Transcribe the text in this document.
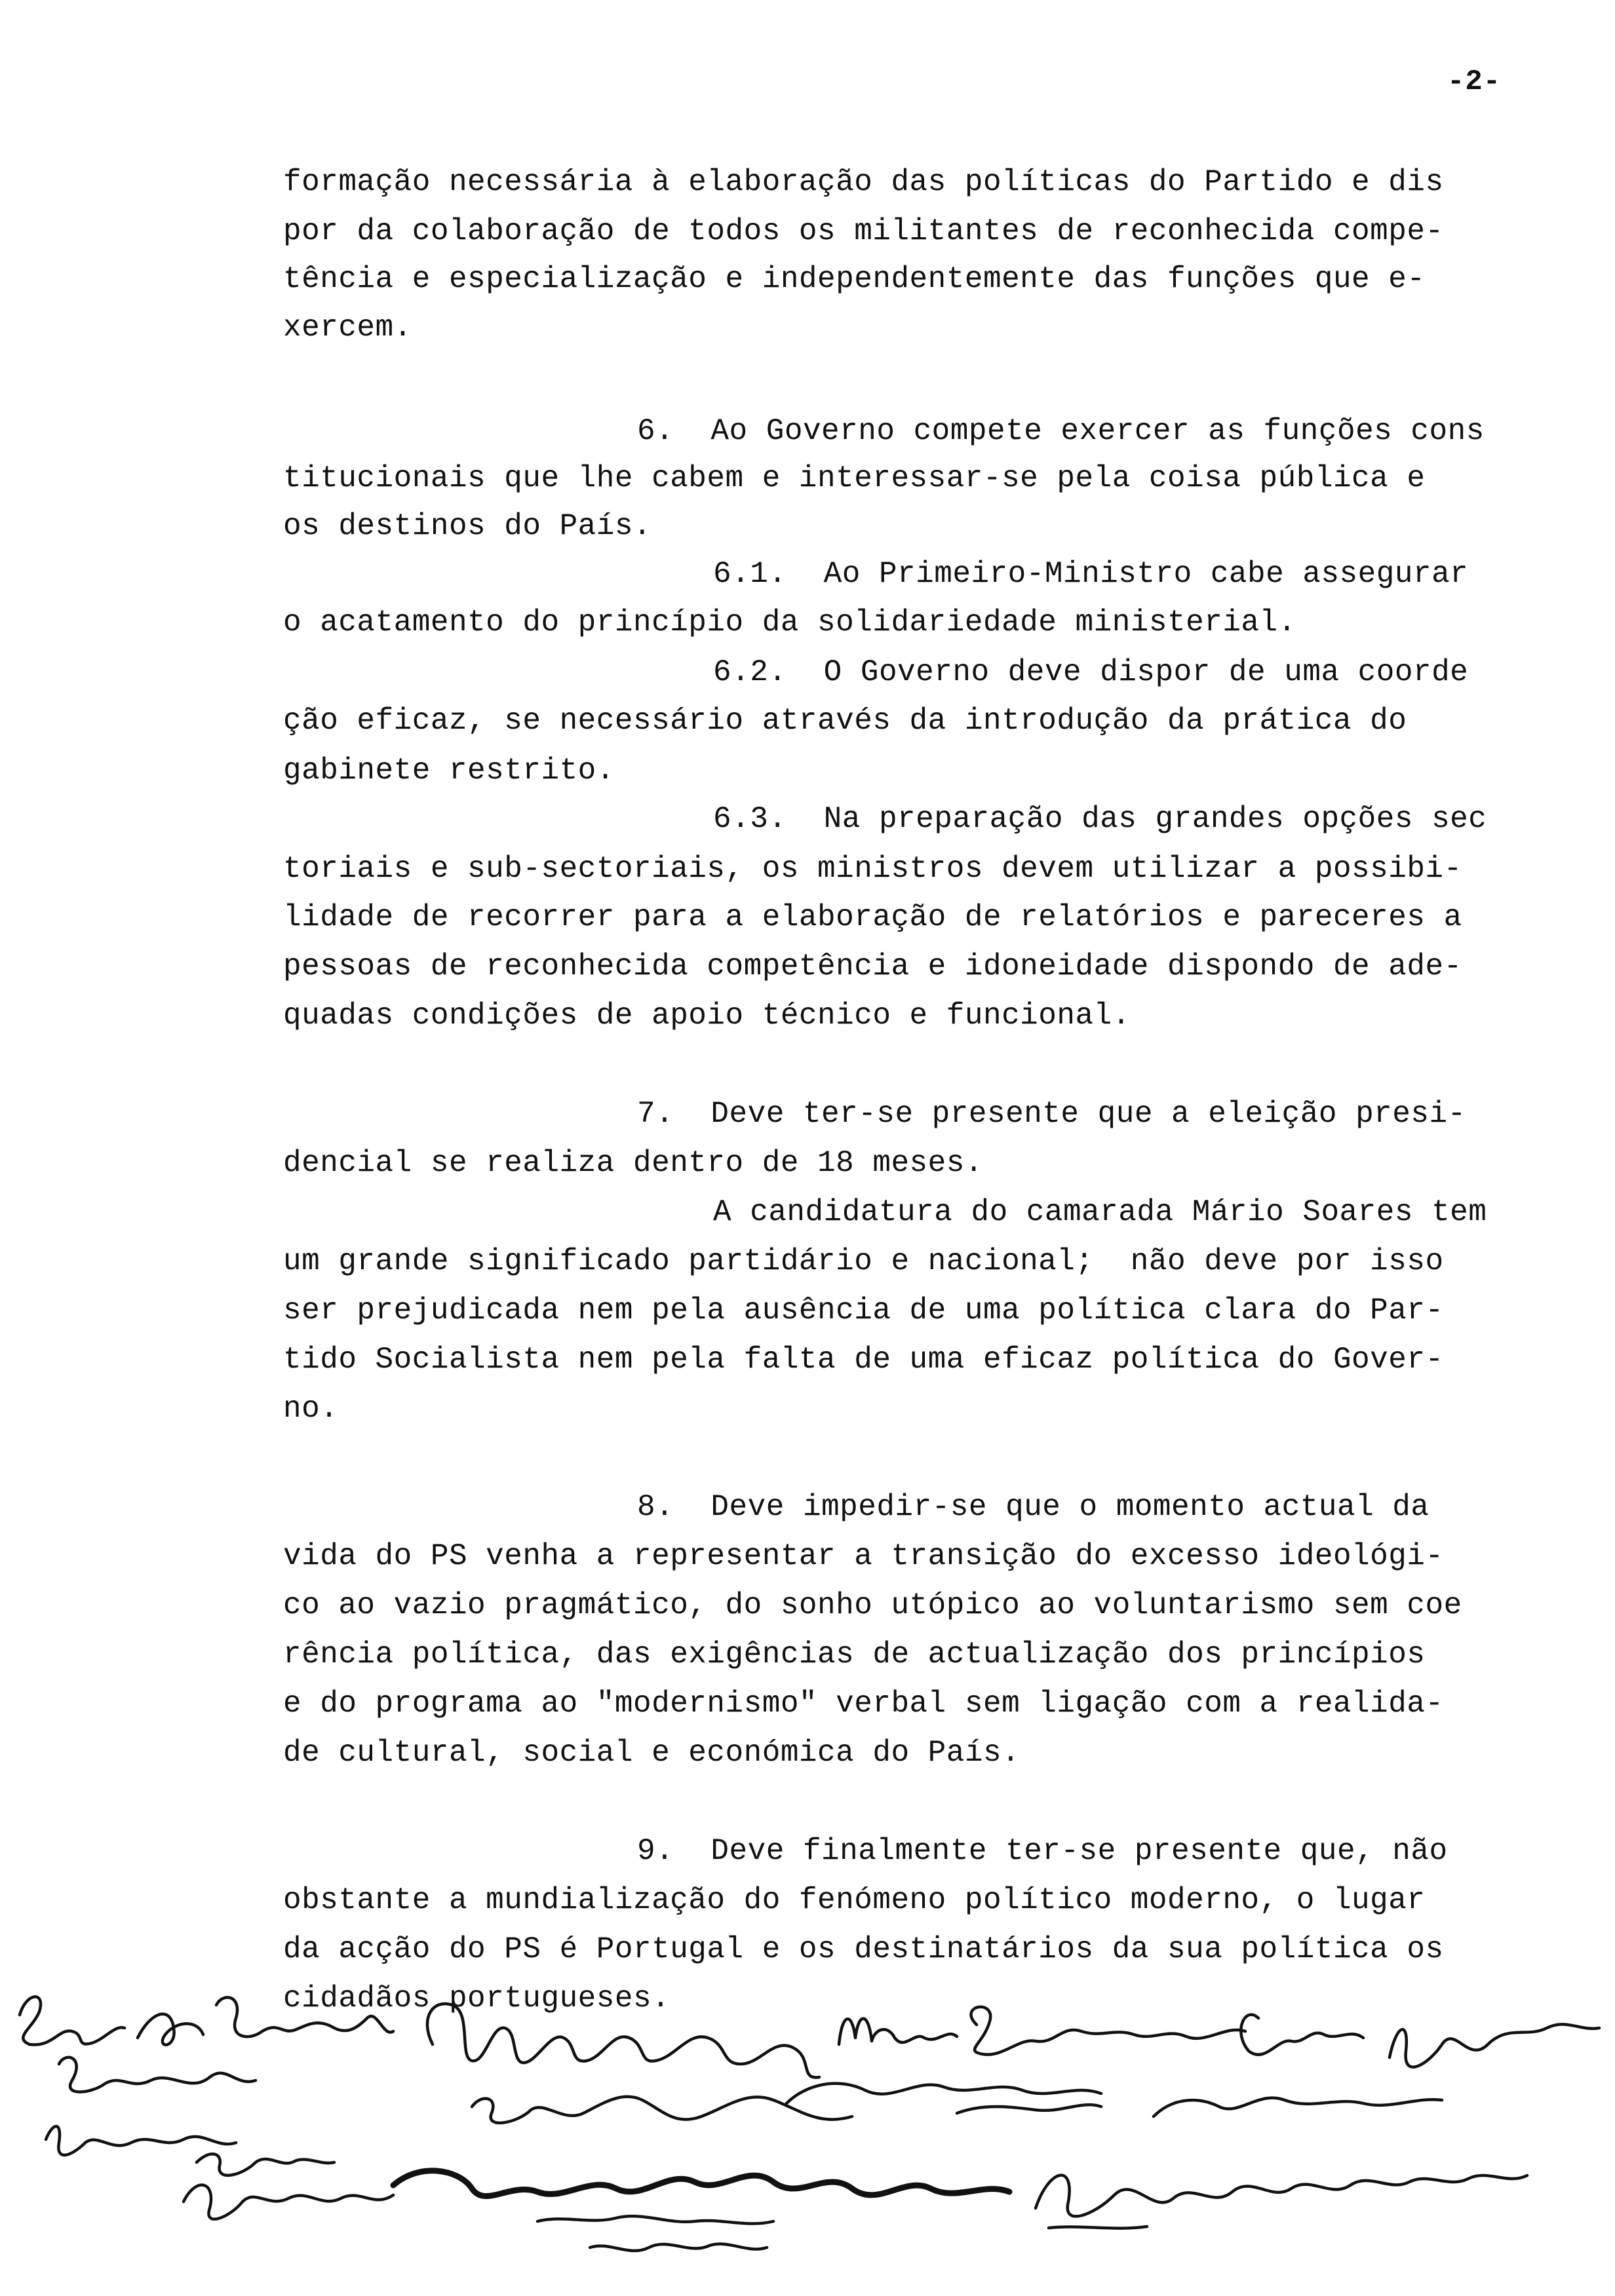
-2-
formação necessária à elaboração das políticas do Partido e dis
por da colaboração de todos os militantes de reconhecida compe-
tência e especialização e independentemente das funções que e-
xercem.
6.  Ao Governo compete exercer as funções cons
titucionais que lhe cabem e interessar-se pela coisa pública e
os destinos do País.
6.1.  Ao Primeiro-Ministro cabe assegurar
o acatamento do princípio da solidariedade ministerial.
6.2.  O Governo deve dispor de uma coorde
ção eficaz, se necessário através da introdução da prática do
gabinete restrito.
6.3.  Na preparação das grandes opções sec
toriais e sub-sectoriais, os ministros devem utilizar a possibi-
lidade de recorrer para a elaboração de relatórios e pareceres a
pessoas de reconhecida competência e idoneidade dispondo de ade-
quadas condições de apoio técnico e funcional.
7.  Deve ter-se presente que a eleição presi-
dencial se realiza dentro de 18 meses.
A candidatura do camarada Mário Soares tem
um grande significado partidário e nacional;  não deve por isso
ser prejudicada nem pela ausência de uma política clara do Par-
tido Socialista nem pela falta de uma eficaz política do Gover-
no.
8.  Deve impedir-se que o momento actual da
vida do PS venha a representar a transição do excesso ideológi-
co ao vazio pragmático, do sonho utópico ao voluntarismo sem coe
rência política, das exigências de actualização dos princípios
e do programa ao "modernismo" verbal sem ligação com a realida-
de cultural, social e económica do País.
9.  Deve finalmente ter-se presente que, não
obstante a mundialização do fenómeno político moderno, o lugar
da acção do PS é Portugal e os destinatários da sua política os
cidadãos portugueses.
